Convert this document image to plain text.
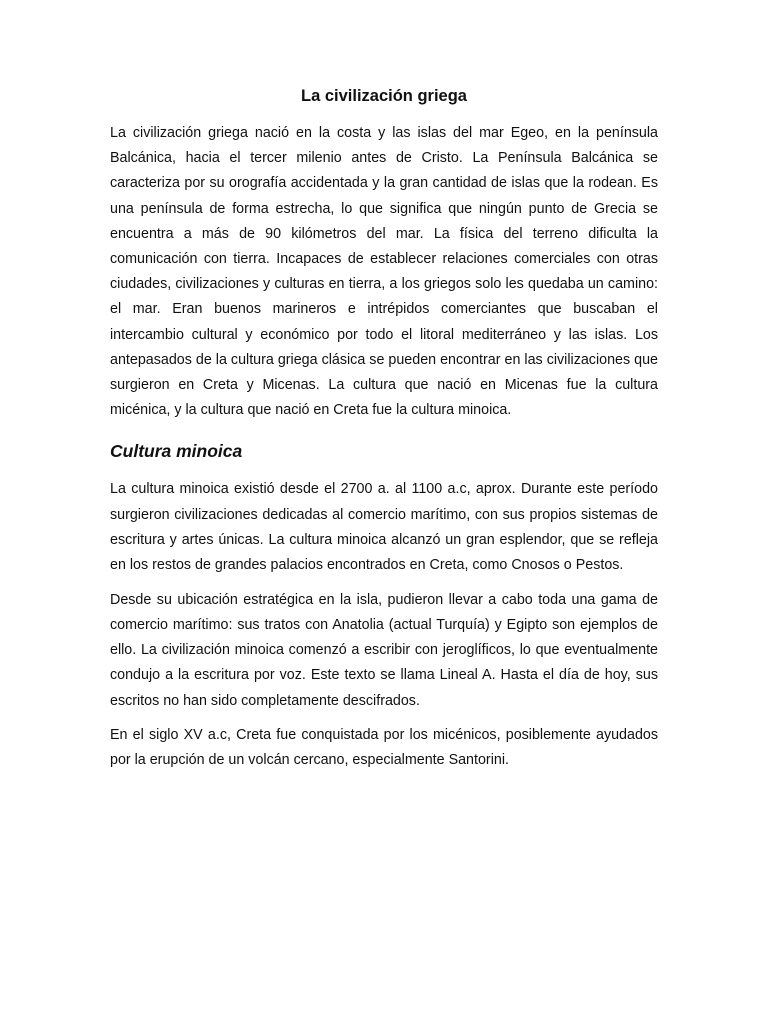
La civilización griega

La civilización griega nació en la costa y las islas del mar Egeo, en la península Balcánica, hacia el tercer milenio antes de Cristo. La Península Balcánica se caracteriza por su orografía accidentada y la gran cantidad de islas que la rodean. Es una península de forma estrecha, lo que significa que ningún punto de Grecia se encuentra a más de 90 kilómetros del mar. La física del terreno dificulta la comunicación con tierra. Incapaces de establecer relaciones comerciales con otras ciudades, civilizaciones y culturas en tierra, a los griegos solo les quedaba un camino: el mar. Eran buenos marineros e intrépidos comerciantes que buscaban el intercambio cultural y económico por todo el litoral mediterráneo y las islas. Los antepasados de la cultura griega clásica se pueden encontrar en las civilizaciones que surgieron en Creta y Micenas. La cultura que nació en Micenas fue la cultura micénica, y la cultura que nació en Creta fue la cultura minoica.

Cultura minoica

La cultura minoica existió desde el 2700 a. al 1100 a.c, aprox. Durante este período surgieron civilizaciones dedicadas al comercio marítimo, con sus propios sistemas de escritura y artes únicas. La cultura minoica alcanzó un gran esplendor, que se refleja en los restos de grandes palacios encontrados en Creta, como Cnosos o Pestos.

Desde su ubicación estratégica en la isla, pudieron llevar a cabo toda una gama de comercio marítimo: sus tratos con Anatolia (actual Turquía) y Egipto son ejemplos de ello. La civilización minoica comenzó a escribir con jeroglíficos, lo que eventualmente condujo a la escritura por voz. Este texto se llama Lineal A. Hasta el día de hoy, sus escritos no han sido completamente descifrados.

En el siglo XV a.c, Creta fue conquistada por los micénicos, posiblemente ayudados por la erupción de un volcán cercano, especialmente Santorini.
